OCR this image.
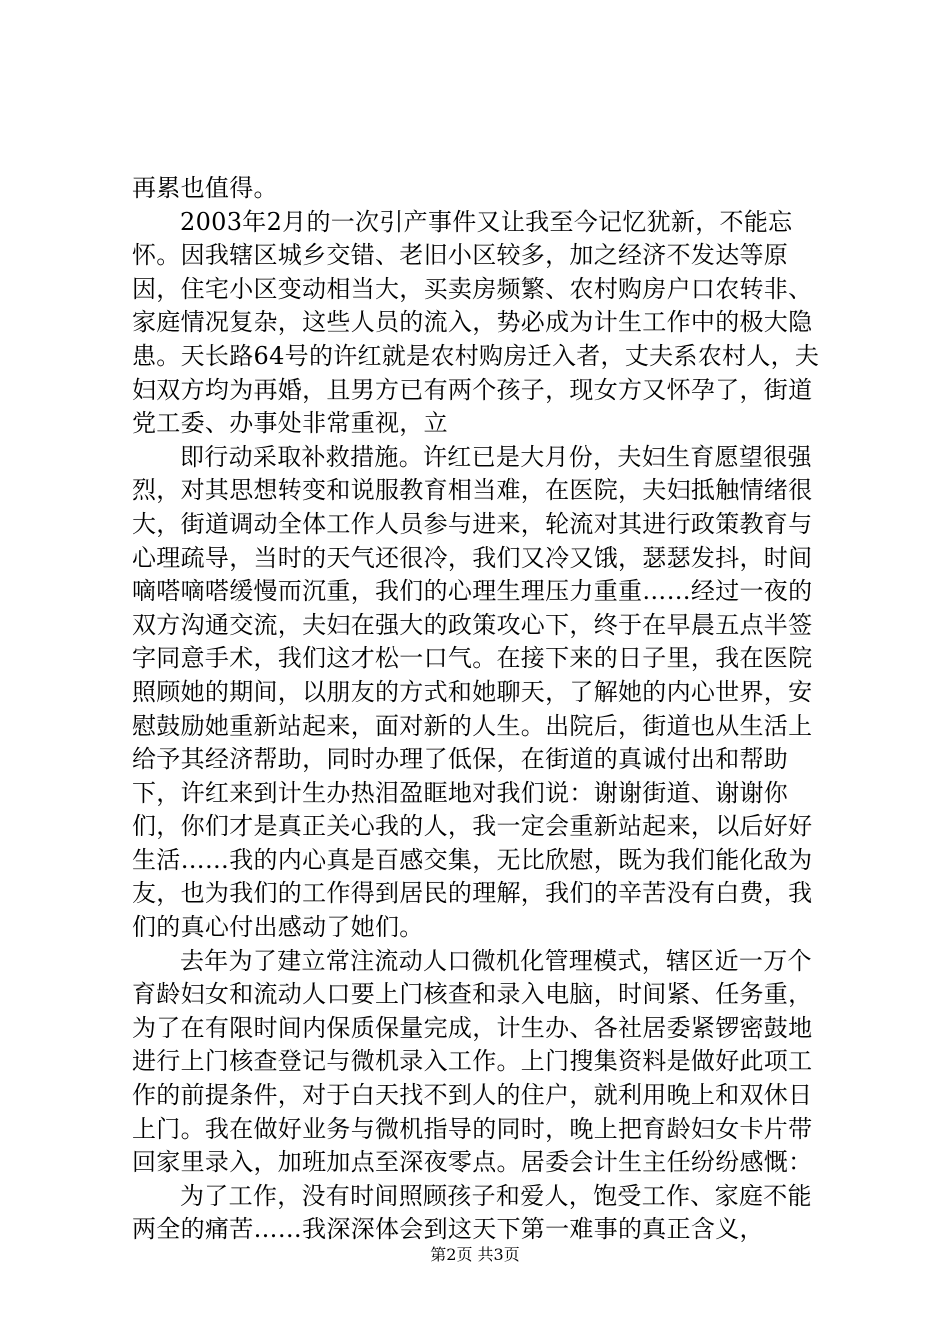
再累也值得。

2003年2月的一次引产事件又让我至今记忆犹新，不能忘怀。因我辖区城乡交错、老旧小区较多，加之经济不发达等原因，住宅小区变动相当大，买卖房频繁、农村购房户口农转非、家庭情况复杂，这些人员的流入，势必成为计生工作中的极大隐患。天长路64号的许红就是农村购房迁入者，丈夫系农村人，夫妇双方均为再婚，且男方已有两个孩子，现女方又怀孕了，街道党工委、办事处非常重视，立

即行动采取补救措施。许红已是大月份，夫妇生育愿望很强烈，对其思想转变和说服教育相当难，在医院，夫妇抵触情绪很大，街道调动全体工作人员参与进来，轮流对其进行政策教育与心理疏导，当时的天气还很冷，我们又冷又饿，瑟瑟发抖，时间嘀嗒嘀嗒缓慢而沉重，我们的心理生理压力重重……经过一夜的双方沟通交流，夫妇在强大的政策攻心下，终于在早晨五点半签字同意手术，我们这才松一口气。在接下来的日子里，我在医院照顾她的期间，以朋友的方式和她聊天，了解她的内心世界，安慰鼓励她重新站起来，面对新的人生。出院后，街道也从生活上给予其经济帮助，同时办理了低保，在街道的真诚付出和帮助下，许红来到计生办热泪盈眶地对我们说：谢谢街道、谢谢你们，你们才是真正关心我的人，我一定会重新站起来，以后好好生活……我的内心真是百感交集，无比欣慰，既为我们能化敌为友，也为我们的工作得到居民的理解，我们的辛苦没有白费，我们的真心付出感动了她们。

去年为了建立常注流动人口微机化管理模式，辖区近一万个育龄妇女和流动人口要上门核查和录入电脑，时间紧、任务重，为了在有限时间内保质保量完成，计生办、各社居委紧锣密鼓地进行上门核查登记与微机录入工作。上门搜集资料是做好此项工作的前提条件，对于白天找不到人的住户，就利用晚上和双休日上门。我在做好业务与微机指导的同时，晚上把育龄妇女卡片带回家里录入，加班加点至深夜零点。居委会计生主任纷纷感慨：

为了工作，没有时间照顾孩子和爱人，饱受工作、家庭不能两全的痛苦……我深深体会到这天下第一难事的真正含义，

第2页 共3页
